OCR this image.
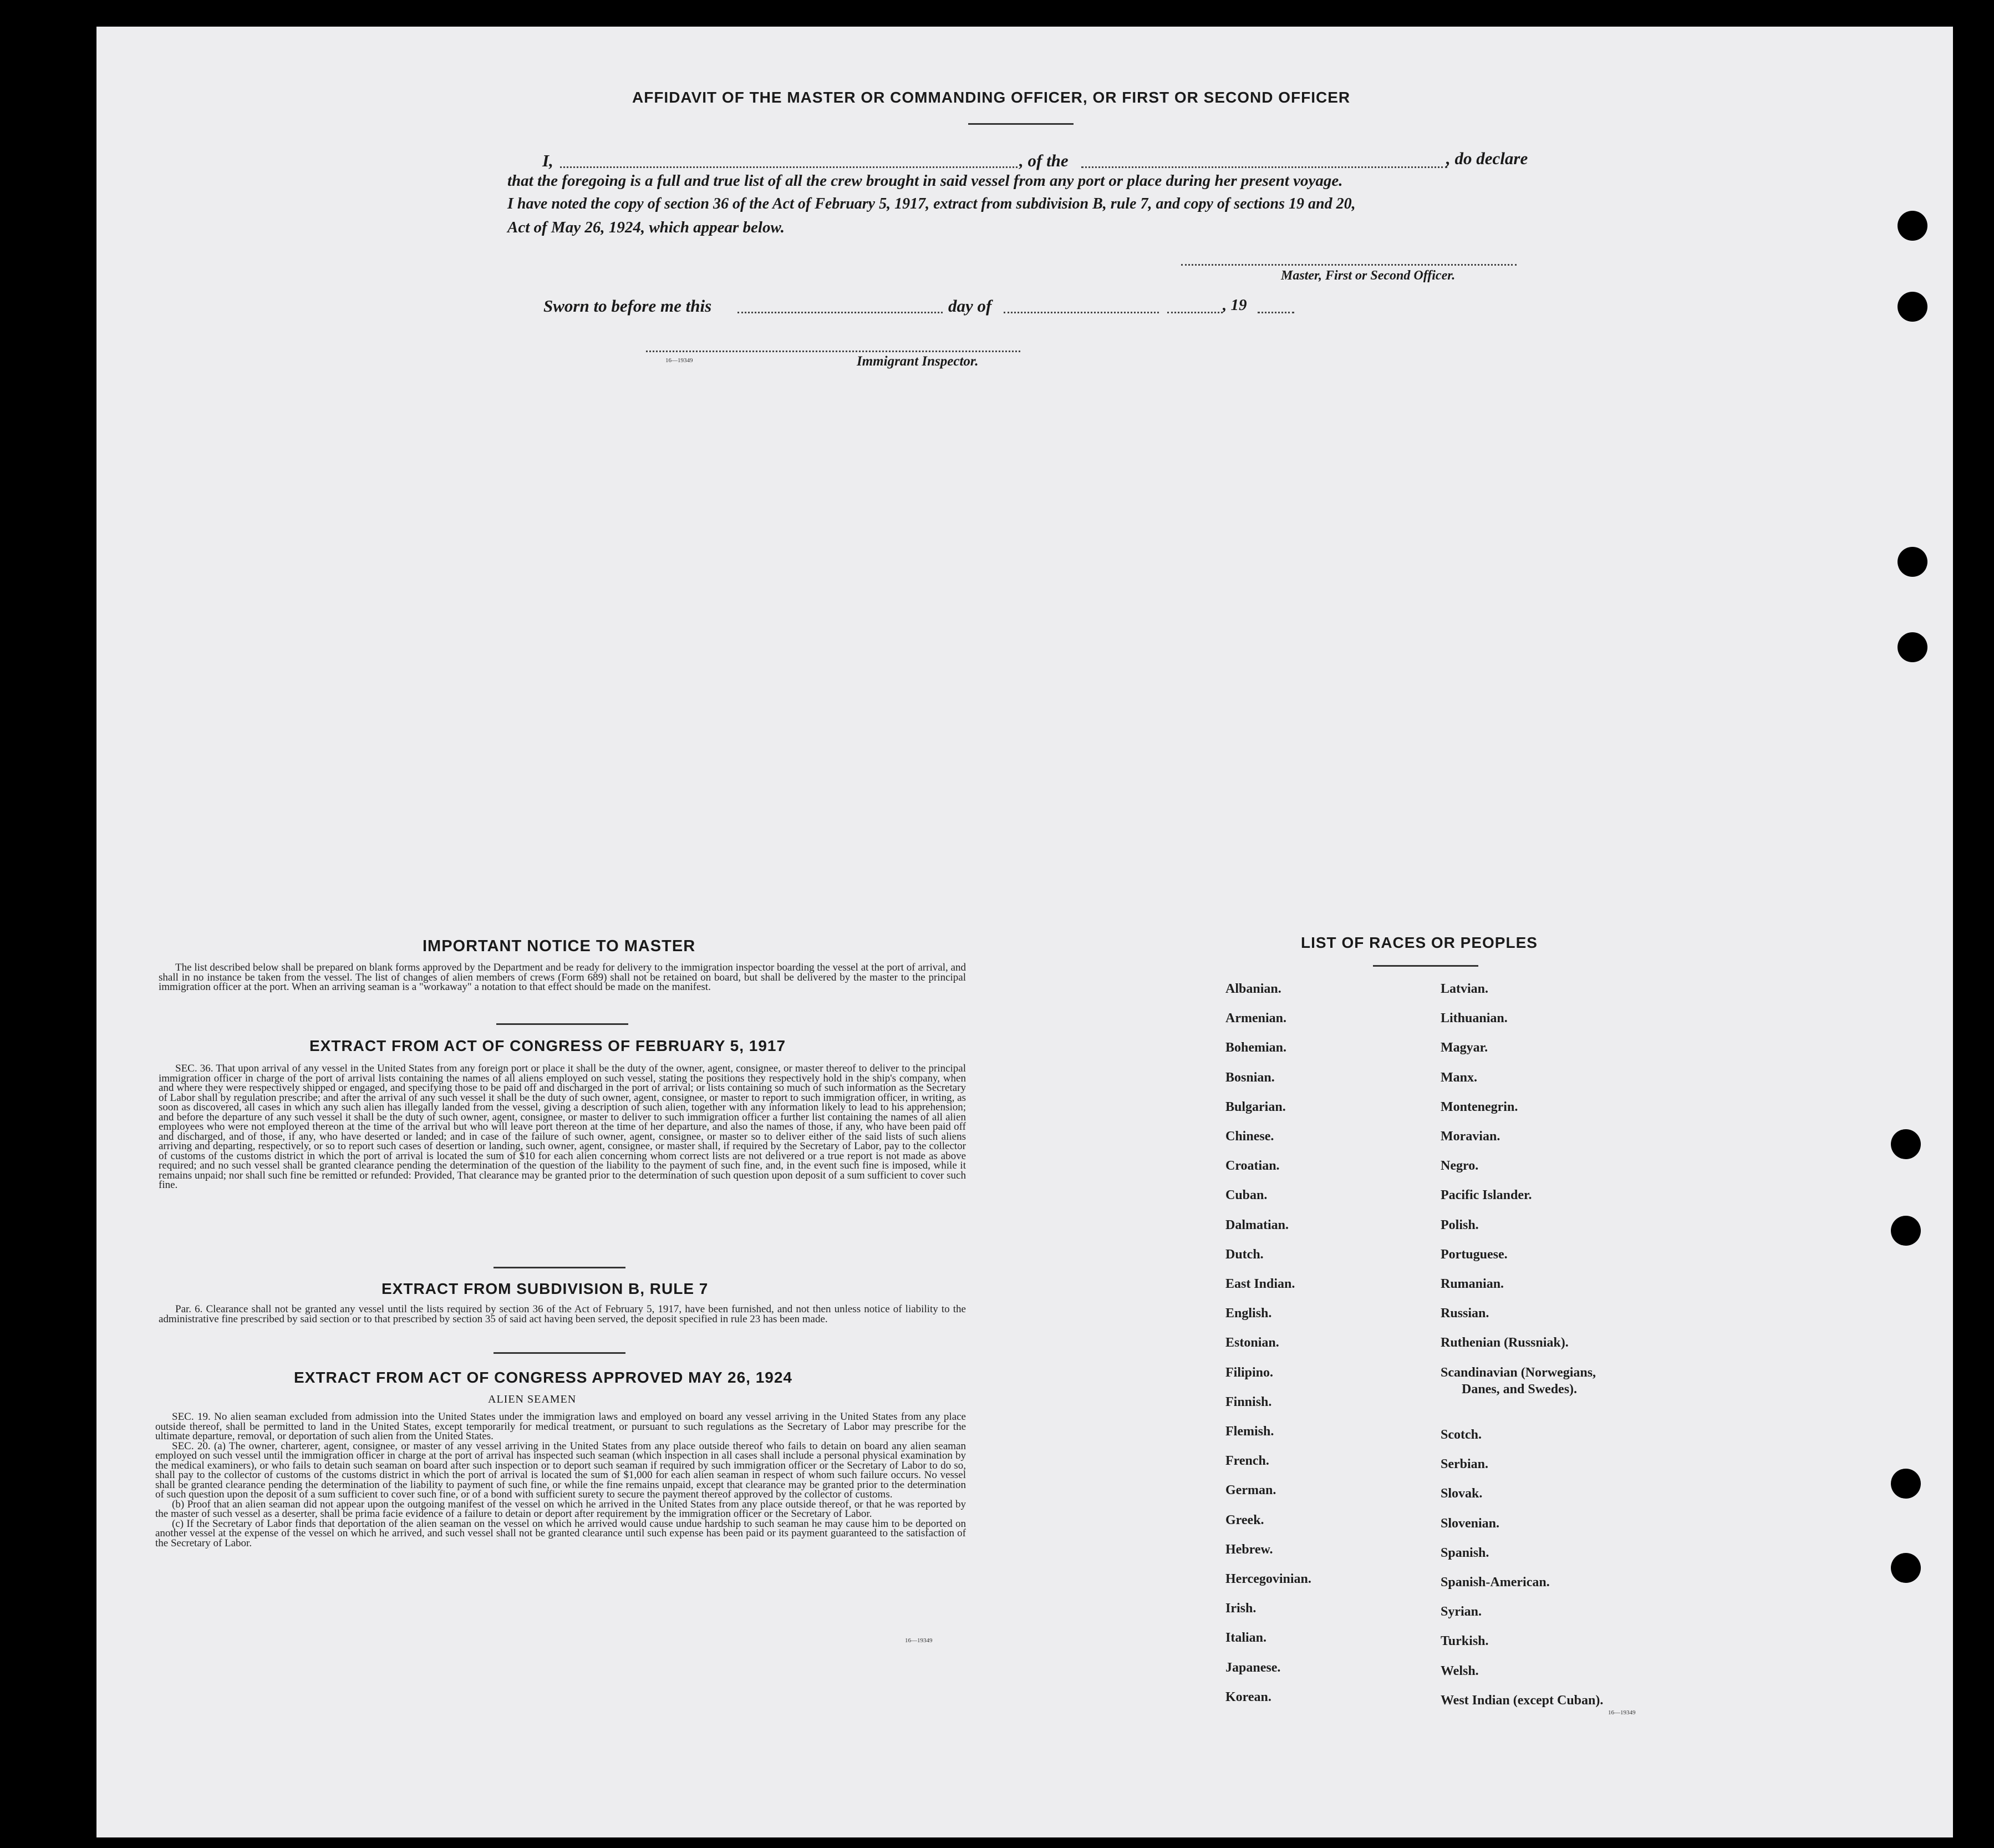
AFFIDAVIT OF THE MASTER OR COMMANDING OFFICER, OR FIRST OR SECOND OFFICER
I,	, of the	, do declare
that the foregoing is a full and true list of all the crew brought in said vessel from any port or place during her present voyage.
I have noted the copy of section 36 of the Act of February 5, 1917, extract from subdivision B, rule 7, and copy of sections 19 and 20,
Act of May 26, 1924, which appear below.
Master, First or Second Officer.
Sworn to before me this	day of	, 19
16—19349	Immigrant Inspector.
IMPORTANT NOTICE TO MASTER

The list described below shall be prepared on blank forms approved by the Department and be ready for delivery to the immigration inspector boarding the vessel at the port of arrival, and shall in no instance be taken from the vessel. The list of changes of alien members of crews (Form 689) shall not be retained on board, but shall be delivered by the master to the principal immigration officer at the port. When an arriving seaman is a "workaway" a notation to that effect should be made on the manifest.

EXTRACT FROM ACT OF CONGRESS OF FEBRUARY 5, 1917

SEC. 36. That upon arrival of any vessel in the United States from any foreign port or place it shall be the duty of the owner, agent, consignee, or master thereof to deliver to the principal immigration officer in charge of the port of arrival lists containing the names of all aliens employed on such vessel, stating the positions they respectively hold in the ship's company, when and where they were respectively shipped or engaged, and specifying those to be paid off and discharged in the port of arrival; or lists containing so much of such information as the Secretary of Labor shall by regulation prescribe; and after the arrival of any such vessel it shall be the duty of such owner, agent, consignee, or master to report to such immigration officer, in writing, as soon as discovered, all cases in which any such alien has illegally landed from the vessel, giving a description of such alien, together with any information likely to lead to his apprehension; and before the departure of any such vessel it shall be the duty of such owner, agent, consignee, or master to deliver to such immigration officer a further list containing the names of all alien employees who were not employed thereon at the time of the arrival but who will leave port thereon at the time of her departure, and also the names of those, if any, who have been paid off and discharged, and of those, if any, who have deserted or landed; and in case of the failure of such owner, agent, consignee, or master so to deliver either of the said lists of such aliens arriving and departing, respectively, or so to report such cases of desertion or landing, such owner, agent, consignee, or master shall, if required by the Secretary of Labor, pay to the collector of customs of the customs district in which the port of arrival is located the sum of $10 for each alien concerning whom correct lists are not delivered or a true report is not made as above required; and no such vessel shall be granted clearance pending the determination of the question of the liability to the payment of such fine, and, in the event such fine is imposed, while it remains unpaid; nor shall such fine be remitted or refunded: Provided, That clearance may be granted prior to the determination of such question upon deposit of a sum sufficient to cover such fine.

EXTRACT FROM SUBDIVISION B, RULE 7

Par. 6. Clearance shall not be granted any vessel until the lists required by section 36 of the Act of February 5, 1917, have been furnished, and not then unless notice of liability to the administrative fine prescribed by said section or to that prescribed by section 35 of said act having been served, the deposit specified in rule 23 has been made.

EXTRACT FROM ACT OF CONGRESS APPROVED MAY 26, 1924
ALIEN SEAMEN

SEC. 19. No alien seaman excluded from admission into the United States under the immigration laws and employed on board any vessel arriving in the United States from any place outside thereof, shall be permitted to land in the United States, except temporarily for medical treatment, or pursuant to such regulations as the Secretary of Labor may prescribe for the ultimate departure, removal, or deportation of such alien from the United States.

SEC. 20. (a) The owner, charterer, agent, consignee, or master of any vessel arriving in the United States from any place outside thereof who fails to detain on board any alien seaman employed on such vessel until the immigration officer in charge at the port of arrival has inspected such seaman (which inspection in all cases shall include a personal physical examination by the medical examiners), or who fails to detain such seaman on board after such inspection or to deport such seaman if required by such immigration officer or the Secretary of Labor to do so, shall pay to the collector of customs of the customs district in which the port of arrival is located the sum of $1,000 for each alien seaman in respect of whom such failure occurs. No vessel shall be granted clearance pending the determination of the liability to payment of such fine, or while the fine remains unpaid, except that clearance may be granted prior to the determination of such question upon the deposit of a sum sufficient to cover such fine, or of a bond with sufficient surety to secure the payment thereof approved by the collector of customs.

(b) Proof that an alien seaman did not appear upon the outgoing manifest of the vessel on which he arrived in the United States from any place outside thereof, or that he was reported by the master of such vessel as a deserter, shall be prima facie evidence of a failure to detain or deport after requirement by the immigration officer or the Secretary of Labor.

(c) If the Secretary of Labor finds that deportation of the alien seaman on the vessel on which he arrived would cause undue hardship to such seaman he may cause him to be deported on another vessel at the expense of the vessel on which he arrived, and such vessel shall not be granted clearance until such expense has been paid or its payment guaranteed to the satisfaction of the Secretary of Labor.

16—19349
LIST OF RACES OR PEOPLES
Albanian.
Armenian.
Bohemian.
Bosnian.
Bulgarian.
Chinese.
Croatian.
Cuban.
Dalmatian.
Dutch.
East Indian.
English.
Estonian.
Filipino.
Finnish.
Flemish.
French.
German.
Greek.
Hebrew.
Hercegovinian.
Irish.
Italian.
Japanese.
Korean.
Latvian.
Lithuanian.
Magyar.
Manx.
Montenegrin.
Moravian.
Negro.
Pacific Islander.
Polish.
Portuguese.
Rumanian.
Russian.
Ruthenian (Russniak).
Scandinavian (Norwegians,
Danes, and Swedes).
Scotch.
Serbian.
Slovak.
Slovenian.
Spanish.
Spanish-American.
Syrian.
Turkish.
Welsh.
West Indian (except Cuban).
16—19349
